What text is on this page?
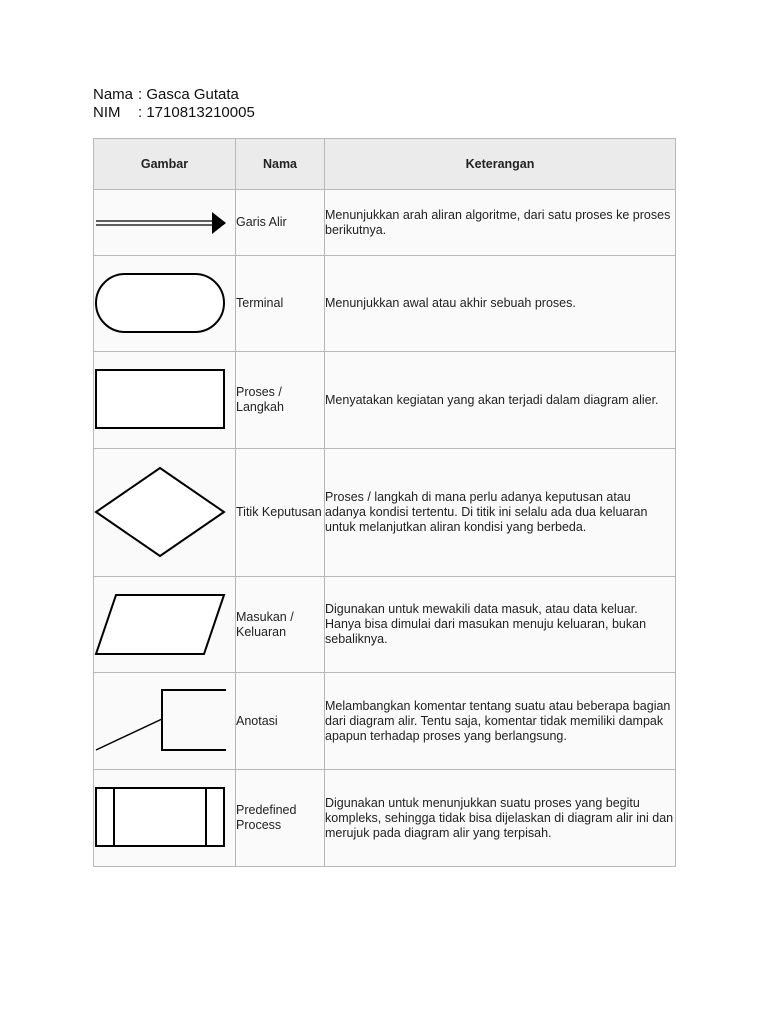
Nama : Gasca Gutata
NIM	: 1710813210005
Gambar	Nama	Keterangan

	Garis Alir	Menunjukkan arah aliran algoritme, dari satu proses ke proses berikutnya.

	Terminal	Menunjukkan awal atau akhir sebuah proses.

	Proses / Langkah	Menyatakan kegiatan yang akan terjadi dalam diagram alier.

	Titik Keputusan	Proses / langkah di mana perlu adanya keputusan atau adanya kondisi tertentu. Di titik ini selalu ada dua keluaran untuk melanjutkan aliran kondisi yang berbeda.

	Masukan / Keluaran	Digunakan untuk mewakili data masuk, atau data keluar. Hanya bisa dimulai dari masukan menuju keluaran, bukan sebaliknya.

	Anotasi	Melambangkan komentar tentang suatu atau beberapa bagian dari diagram alir. Tentu saja, komentar tidak memiliki dampak apapun terhadap proses yang berlangsung.

	Predefined Process	Digunakan untuk menunjukkan suatu proses yang begitu kompleks, sehingga tidak bisa dijelaskan di diagram alir ini dan merujuk pada diagram alir yang terpisah.
